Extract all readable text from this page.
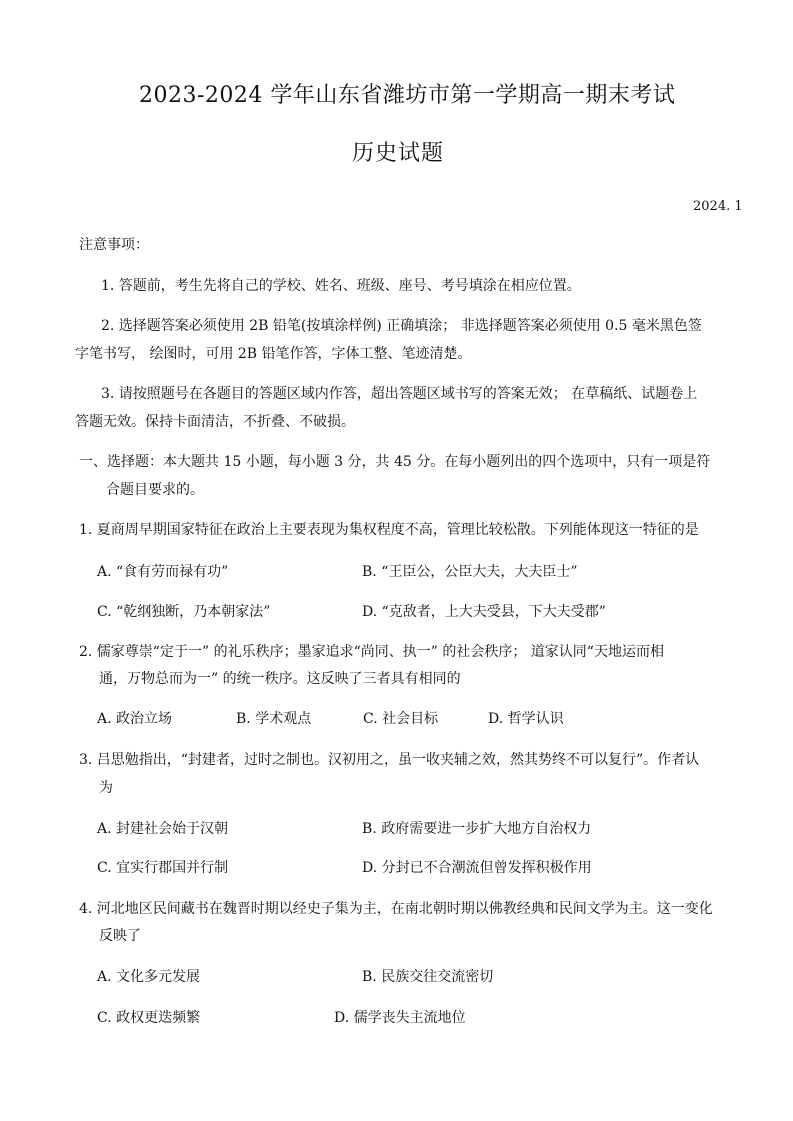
2023-2024 学年山东省潍坊市第一学期高一期末考试
历史试题
2024. 1
注意事项：
1. 答题前，考生先将自己的学校、姓名、班级、座号、考号填涂在相应位置。
2. 选择题答案必须使用 2B 铅笔(按填涂样例) 正确填涂； 非选择题答案必须使用 0.5 毫米黑色签
字笔书写， 绘图时，可用 2B 铅笔作答，字体工整、笔迹清楚。
3. 请按照题号在各题目的答题区域内作答，超出答题区域书写的答案无效； 在草稿纸、试题卷上
答题无效。保持卡面清洁，不折叠、不破损。
一、选择题：本大题共 15 小题，每小题 3 分，共 45 分。在每小题列出的四个选项中，只有一项是符
合题目要求的。
1. 夏商周早期国家特征在政治上主要表现为集权程度不高，管理比较松散。下列能体现这一特征的是
A. “食有劳而禄有功”	B. “王臣公，公臣大夫，大夫臣士”
C. “乾纲独断，乃本朝家法”	D. “克敌者，上大夫受县，下大夫受郡”
2. 儒家尊崇“定于一” 的礼乐秩序；墨家追求“尚同、执一” 的社会秩序； 道家认同“天地运而相
通，万物总而为一” 的统一秩序。这反映了三者具有相同的
A. 政治立场	B. 学术观点	C. 社会目标	D. 哲学认识
3. 吕思勉指出，“封建者，过时之制也。汉初用之，虽一收夹辅之效，然其势终不可以复行”。作者认
为
A. 封建社会始于汉朝	B. 政府需要进一步扩大地方自治权力
C. 宜实行郡国并行制	D. 分封已不合潮流但曾发挥积极作用
4. 河北地区民间藏书在魏晋时期以经史子集为主，在南北朝时期以佛教经典和民间文学为主。这一变化
反映了
A. 文化多元发展	B. 民族交往交流密切
C. 政权更迭频繁	D. 儒学丧失主流地位
